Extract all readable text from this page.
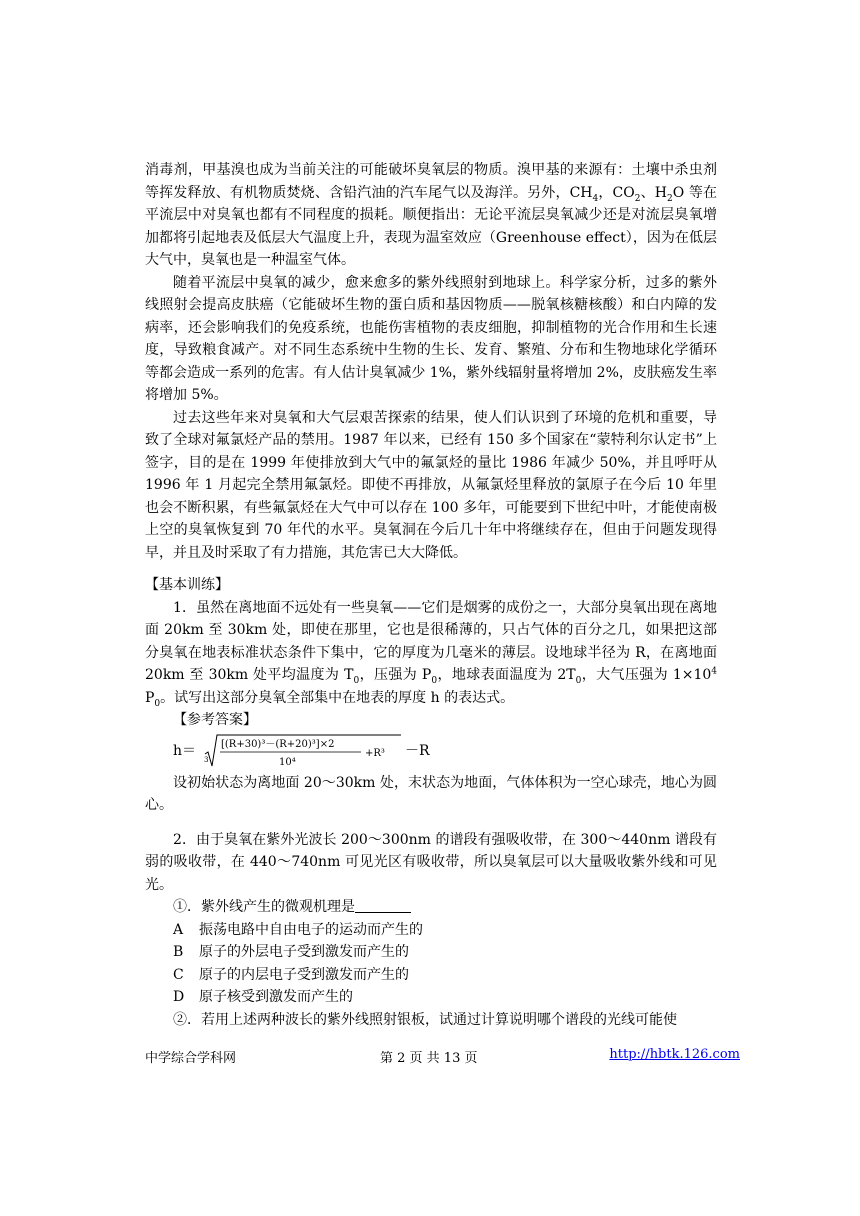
消毒剂，甲基溴也成为当前关注的可能破坏臭氧层的物质。溴甲基的来源有：土壤中杀虫剂等挥发释放、有机物质焚烧、含铅汽油的汽车尾气以及海洋。另外，$CH_4$，$CO_2$、$H_2O$ 等在平流层中对臭氧也都有不同程度的损耗。顺便指出：无论平流层臭氧减少还是对流层臭氧增加都将引起地表及低层大气温度上升，表现为温室效应（Greenhouse effect），因为在低层大气中，臭氧也是一种温室气体。

随着平流层中臭氧的减少，愈来愈多的紫外线照射到地球上。科学家分析，过多的紫外线照射会提高皮肤癌（它能破坏生物的蛋白质和基因物质——脱氧核糖核酸）和白内障的发病率，还会影响我们的免疫系统，也能伤害植物的表皮细胞，抑制植物的光合作用和生长速度，导致粮食减产。对不同生态系统中生物的生长、发育、繁殖、分布和生物地球化学循环等都会造成一系列的危害。有人估计臭氧减少 1%，紫外线辐射量将增加 2%，皮肤癌发生率将增加 5%。

过去这些年来对臭氧和大气层艰苦探索的结果，使人们认识到了环境的危机和重要，导致了全球对氟氯烃产品的禁用。1987 年以来，已经有 150 多个国家在“蒙特利尔认定书”上签字，目的是在 1999 年使排放到大气中的氟氯烃的量比 1986 年减少 50%，并且呼吁从 1996 年 1 月起完全禁用氟氯烃。即使不再排放，从氟氯烃里释放的氯原子在今后 10 年里也会不断积累，有些氟氯烃在大气中可以存在 100 多年，可能要到下世纪中叶，才能使南极上空的臭氧恢复到 70 年代的水平。臭氧洞在今后几十年中将继续存在，但由于问题发现得早，并且及时采取了有力措施，其危害已大大降低。

【基本训练】

1．虽然在离地面不远处有一些臭氧——它们是烟雾的成份之一，大部分臭氧出现在离地面 20km 至 30km 处，即使在那里，它也是很稀薄的，只占气体的百分之几，如果把这部分臭氧在地表标准状态条件下集中，它的厚度为几毫米的薄层。设地球半径为 R，在离地面 20km 至 30km 处平均温度为 $T_0$，压强为 $P_0$，地球表面温度为 $2T_0$，大气压强为 $1\times 10^4$ $P_0$。试写出这部分臭氧全部集中在地表的厚度 h 的表达式。

【参考答案】

h＝
3
[(R+30)³－(R+20)³]×2
10⁴
+R³ －R

设初始状态为离地面 20～30km 处，末状态为地面，气体体积为一空心球壳，地心为圆心。

2．由于臭氧在紫外光波长 200～300nm 的谱段有强吸收带，在 300～440nm 谱段有弱的吸收带，在 440～740nm 可见光区有吸收带，所以臭氧层可以大量吸收紫外线和可见光。

①．紫外线产生的微观机理是

A 振荡电路中自由电子的运动而产生的

B 原子的外层电子受到激发而产生的

C 原子的内层电子受到激发而产生的

D 原子核受到激发而产生的

②．若用上述两种波长的紫外线照射银板，试通过计算说明哪个谱段的光线可能使

中学综合学科网	第 2 页 共 13 页	http://hbtk.126.com
